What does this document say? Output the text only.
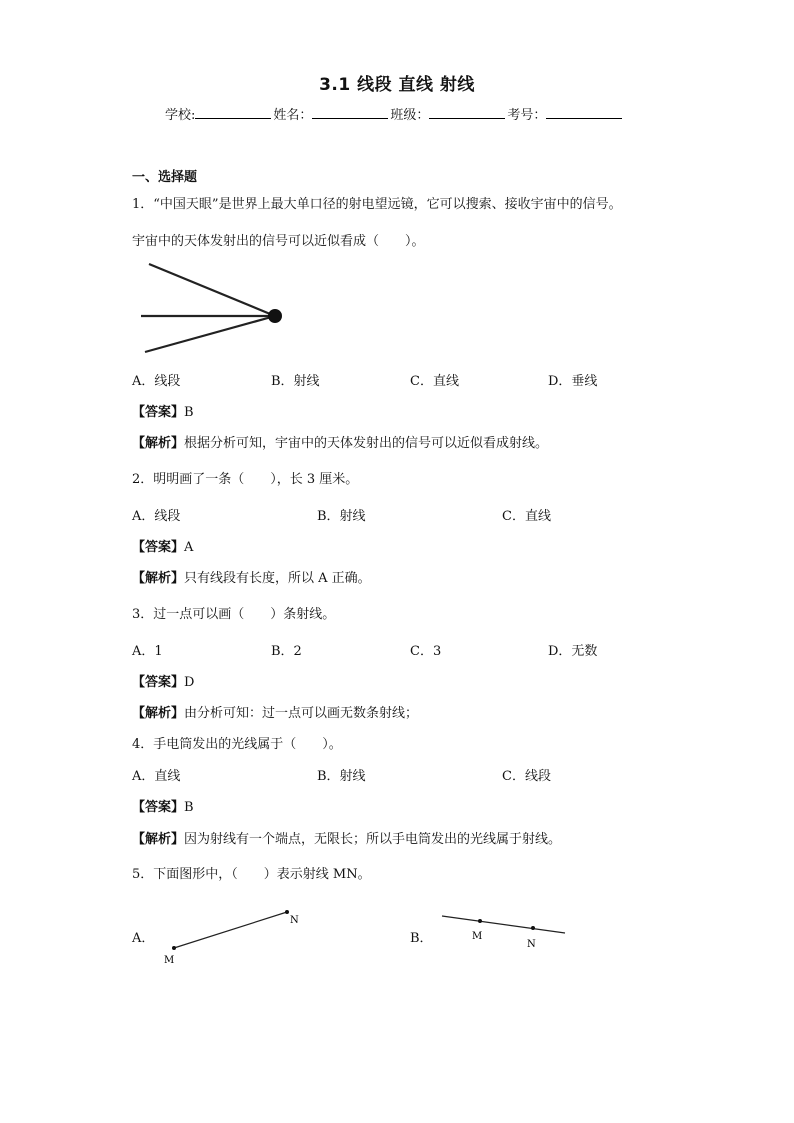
3.1 线段 直线 射线
学校:	姓名：	班级：	考号：
一、选择题
1．“中国天眼”是世界上最大单口径的射电望远镜，它可以搜索、接收宇宙中的信号。
宇宙中的天体发射出的信号可以近似看成（　　）。
A．线段	B．射线	C．直线	D．垂线
【答案】B
【解析】根据分析可知，宇宙中的天体发射出的信号可以近似看成射线。
2．明明画了一条（　　），长 3 厘米。
A．线段	B．射线	C．直线
【答案】A
【解析】只有线段有长度，所以 A 正确。
3．过一点可以画（　　）条射线。
A．1	B．2	C．3	D．无数
【答案】D
【解析】由分析可知：过一点可以画无数条射线；
4．手电筒发出的光线属于（　　）。
A．直线	B．射线	C．线段
【答案】B
【解析】因为射线有一个端点，无限长；所以手电筒发出的光线属于射线。
5．下面图形中，（　　）表示射线 MN。
A．
M
N
B．	M
N
